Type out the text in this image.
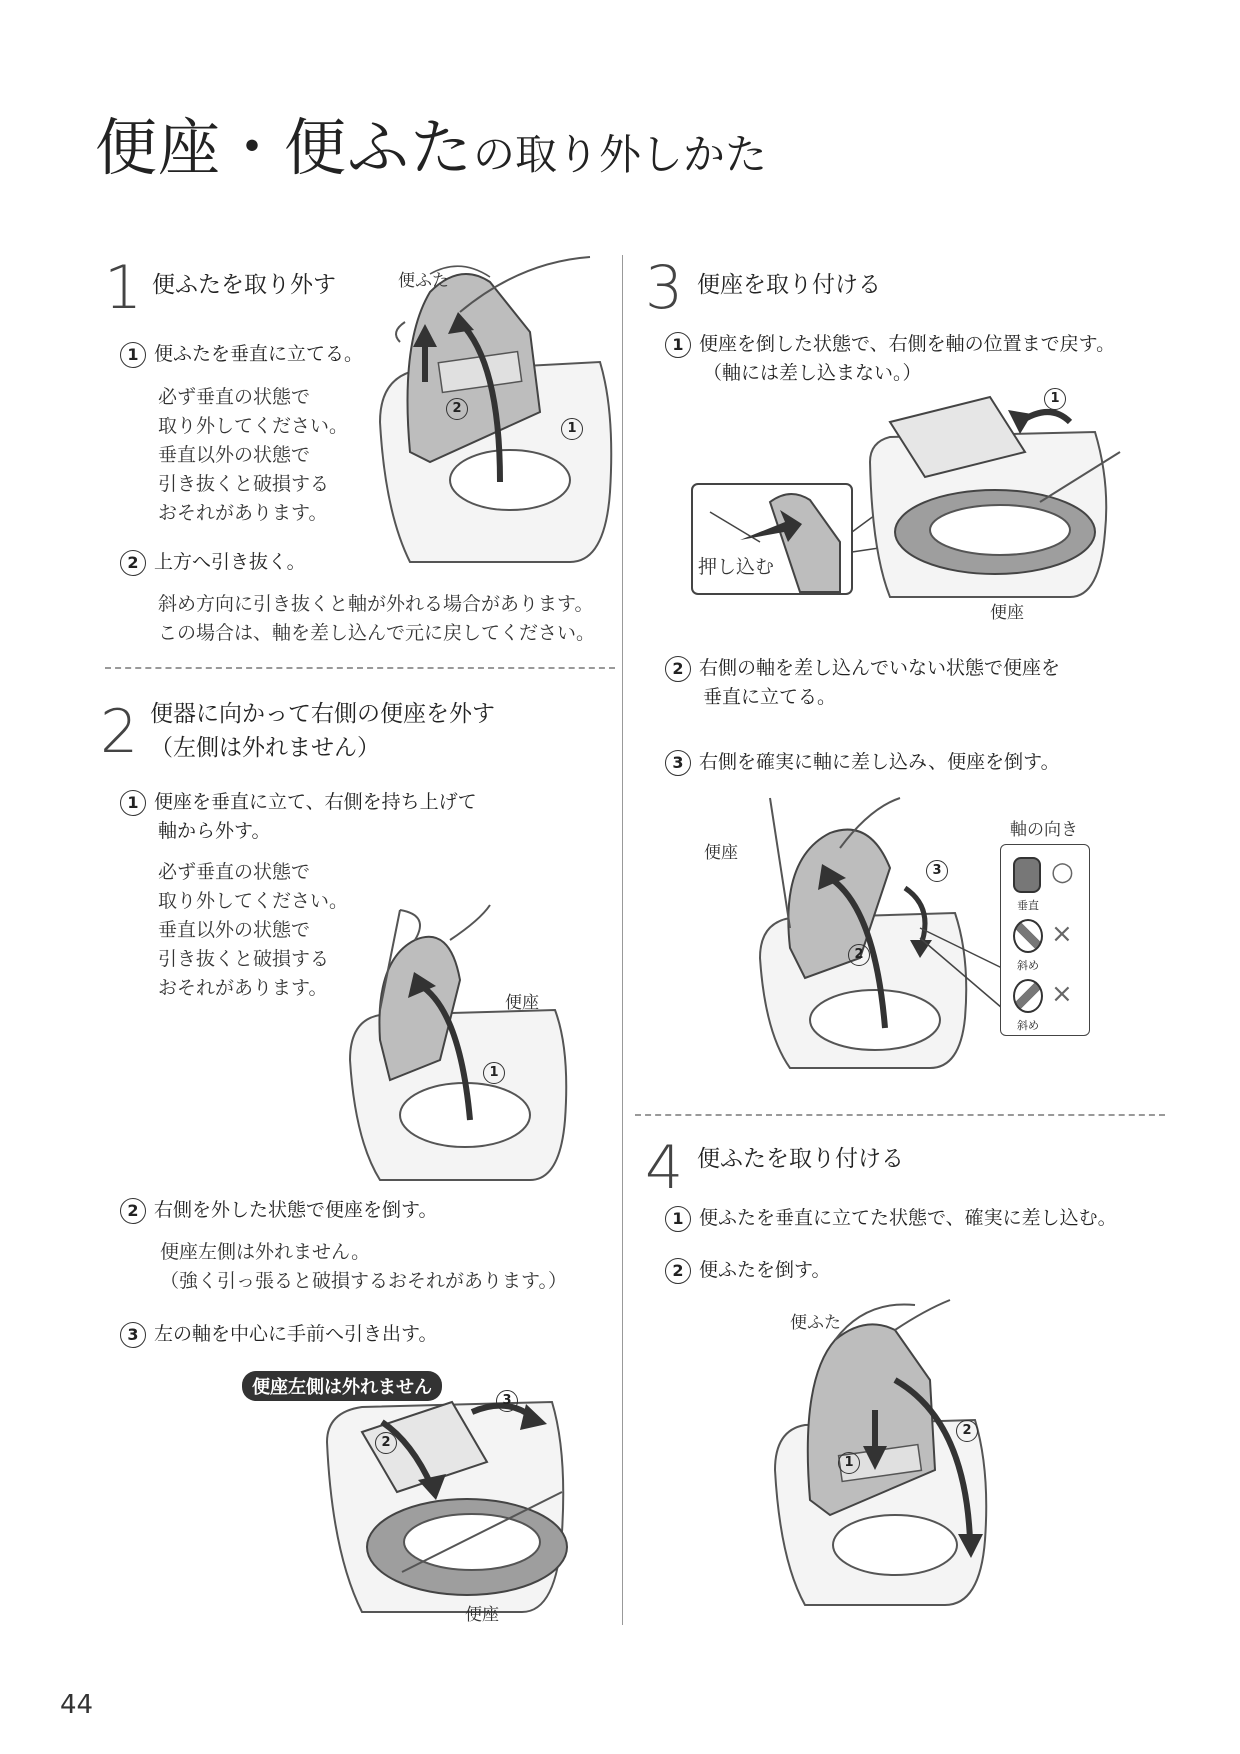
便座・便ふたの取り外しかた
1 便ふたを取り外す
1 便ふたを垂直に立てる。
必ず垂直の状態で
取り外してください。
垂直以外の状態で
引き抜くと破損する
おそれがあります。
2 上方へ引き抜く。
斜め方向に引き抜くと軸が外れる場合があります。
この場合は、軸を差し込んで元に戻してください。
便ふた
2
1
2 便器に向かって右側の便座を外す
（左側は外れません）
1 便座を垂直に立て、右側を持ち上げて
軸から外す。
必ず垂直の状態で
取り外してください。
垂直以外の状態で
引き抜くと破損する
おそれがあります。
便座
1
2 右側を外した状態で便座を倒す。
便座左側は外れません。
（強く引っ張ると破損するおそれがあります。）
3 左の軸を中心に手前へ引き出す。
便座左側は外れません
2
3
便座
3 便座を取り付ける
1 便座を倒した状態で、右側を軸の位置まで戻す。
（軸には差し込まない。）
押し込む
1
便座
2 右側の軸を差し込んでいない状態で便座を
垂直に立てる。
3 右側を確実に軸に差し込み、便座を倒す。
便座
3
2
軸の向き
○
垂直
×
斜め
×
斜め
4 便ふたを取り付ける
1 便ふたを垂直に立てた状態で、確実に差し込む。
2 便ふたを倒す。
便ふた
1
2
44
